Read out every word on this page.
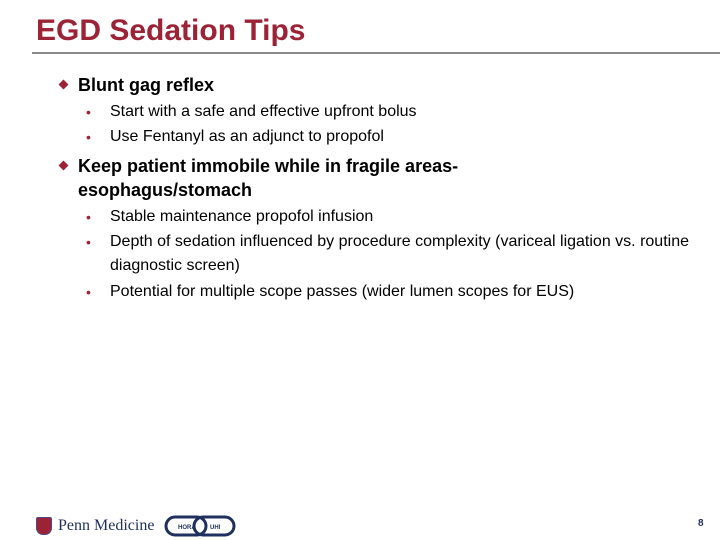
EGD Sedation Tips
Blunt gag reflex
• Start with a safe and effective upfront bolus
• Use Fentanyl as an adjunct to propofol
Keep patient immobile while in fragile areas-esophagus/stomach
• Stable maintenance propofol infusion
• Depth of sedation influenced by procedure complexity (variceal ligation vs. routine diagnostic screen)
• Potential for multiple scope passes (wider lumen scopes for EUS)
Penn Medicine	HORA UHI	8
